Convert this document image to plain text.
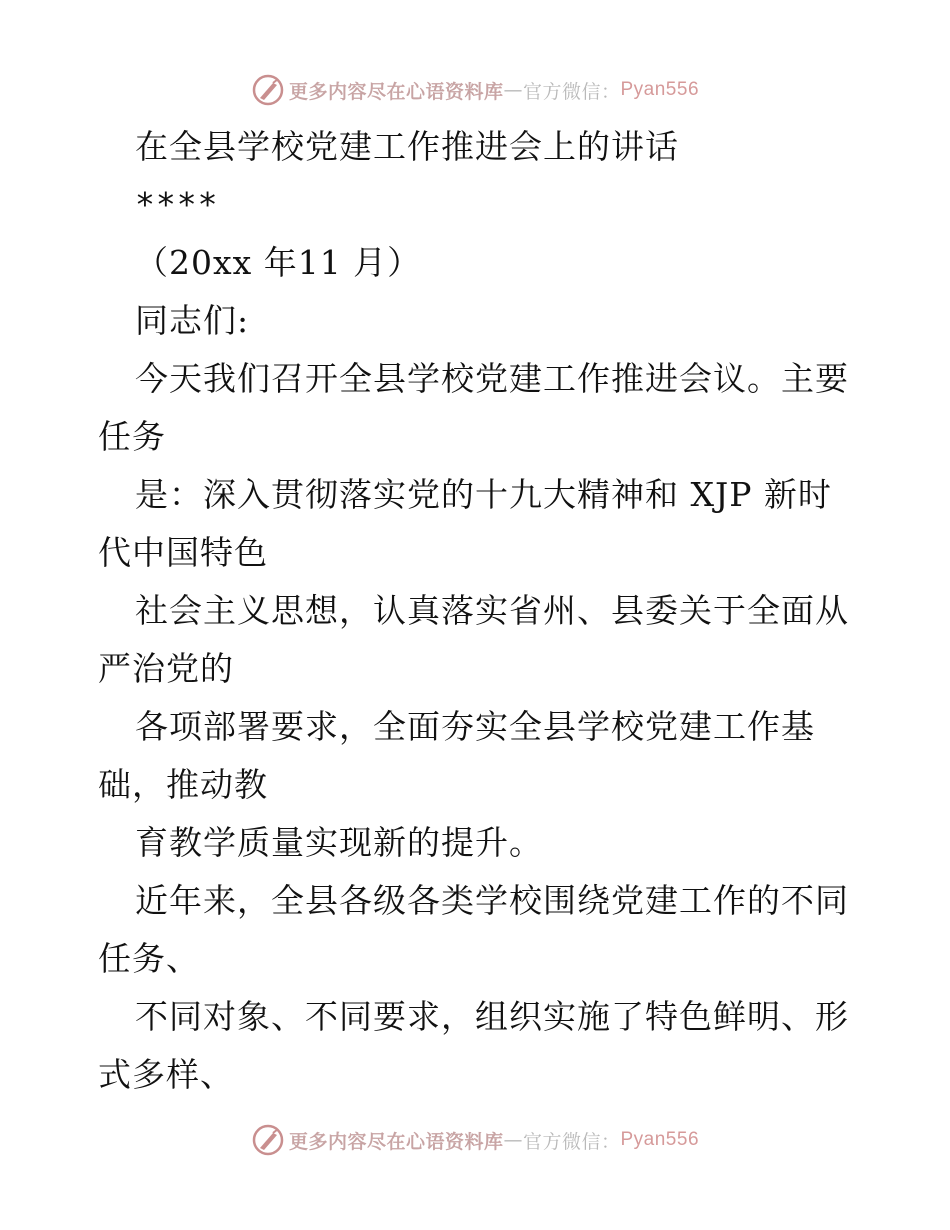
更多内容尽在心语资料库 — 官方微信： Pyan556
在全县学校党建工作推进会上的讲话
****
（20xx 年11 月）
同志们:
今天我们召开全县学校党建工作推进会议。主要
任务
是：深入贯彻落实党的十九大精神和 XJP 新时
代中国特色
社会主义思想，认真落实省州、县委关于全面从
严治党的
各项部署要求，全面夯实全县学校党建工作基
础，推动教
育教学质量实现新的提升。
近年来，全县各级各类学校围绕党建工作的不同
任务、
不同对象、不同要求，组织实施了特色鲜明、形
式多样、
更多内容尽在心语资料库 — 官方微信： Pyan556
